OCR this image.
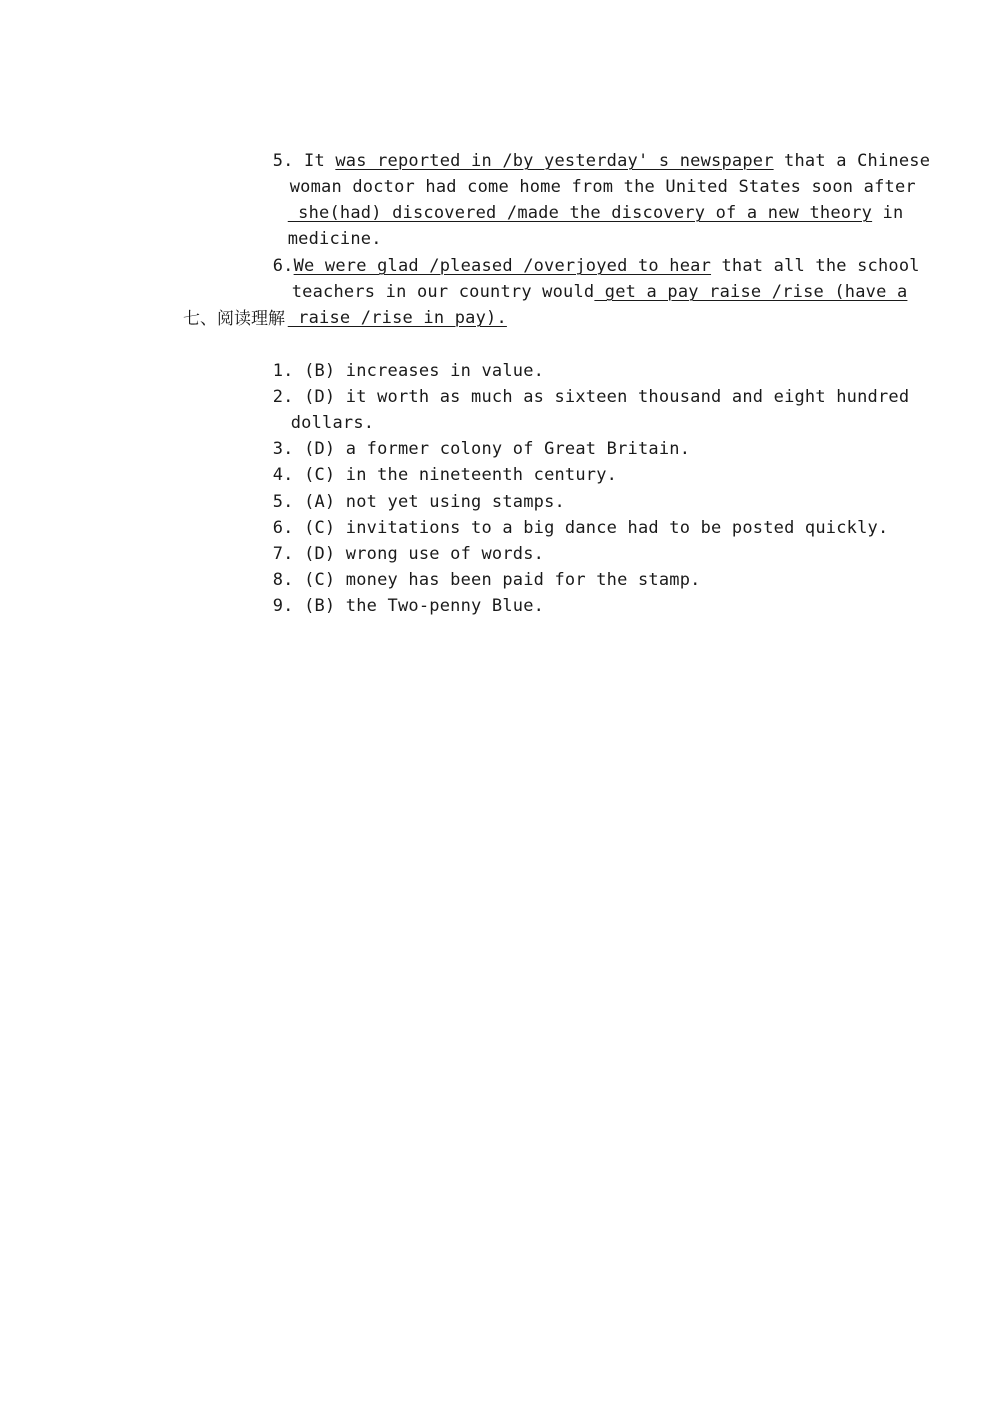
5. It was reported in /by yesterday' s newspaper that a Chinese

woman doctor had come home from the United States soon after

she(had) discovered /made the discovery of a new theory in

medicine.

6.We were glad /pleased /overjoyed to hear that all the school

teachers in our country would get a pay raise /rise (have a

raise /rise in pay).

七、阅读理解

1. (B) increases in value.

2. (D) it worth as much as sixteen thousand and eight hundred

dollars.

3. (D) a former colony of Great Britain.

4. (C) in the nineteenth century.

5. (A) not yet using stamps.

6. (C) invitations to a big dance had to be posted quickly.

7. (D) wrong use of words.

8. (C) money has been paid for the stamp.

9. (B) the Two-penny Blue.
